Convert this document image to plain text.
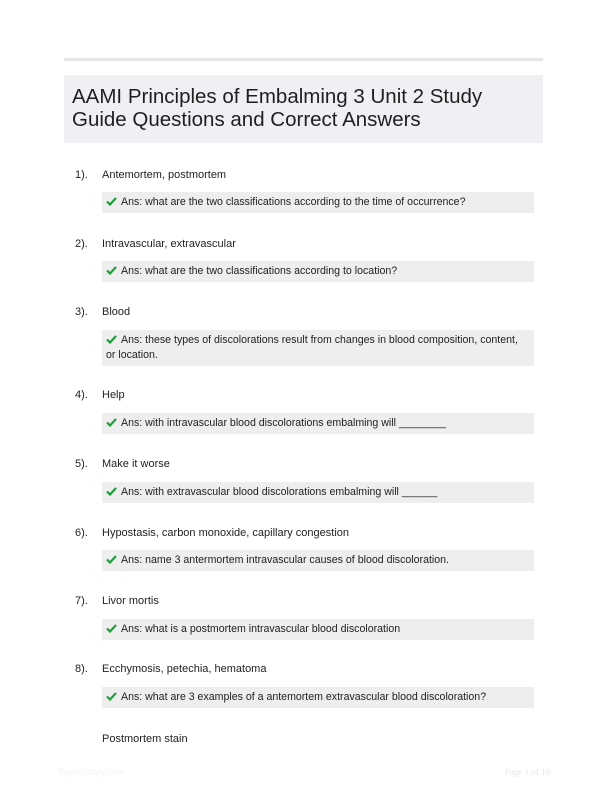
AAMI Principles of Embalming 3 Unit 2 Study Guide Questions and Correct Answers
1). Antemortem, postmortem
Ans: what are the two classifications according to the time of occurrence?
2). Intravascular, extravascular
Ans: what are the two classifications according to location?
3). Blood
Ans: these types of discolorations result from changes in blood composition, content, or location.
4). Help
Ans: with intravascular blood discolorations embalming will ________
5). Make it worse
Ans: with extravascular blood discolorations embalming will ______
6). Hypostasis, carbon monoxide, capillary congestion
Ans: name 3 antermortem intravascular causes of blood discoloration.
7). Livor mortis
Ans: what is a postmortem intravascular blood discoloration
8). Ecchymosis, petechia, hematoma
Ans: what are 3 examples of a antemortem extravascular blood discoloration?
Postmortem stain
PaperStudy.com	Page 1 of 10
